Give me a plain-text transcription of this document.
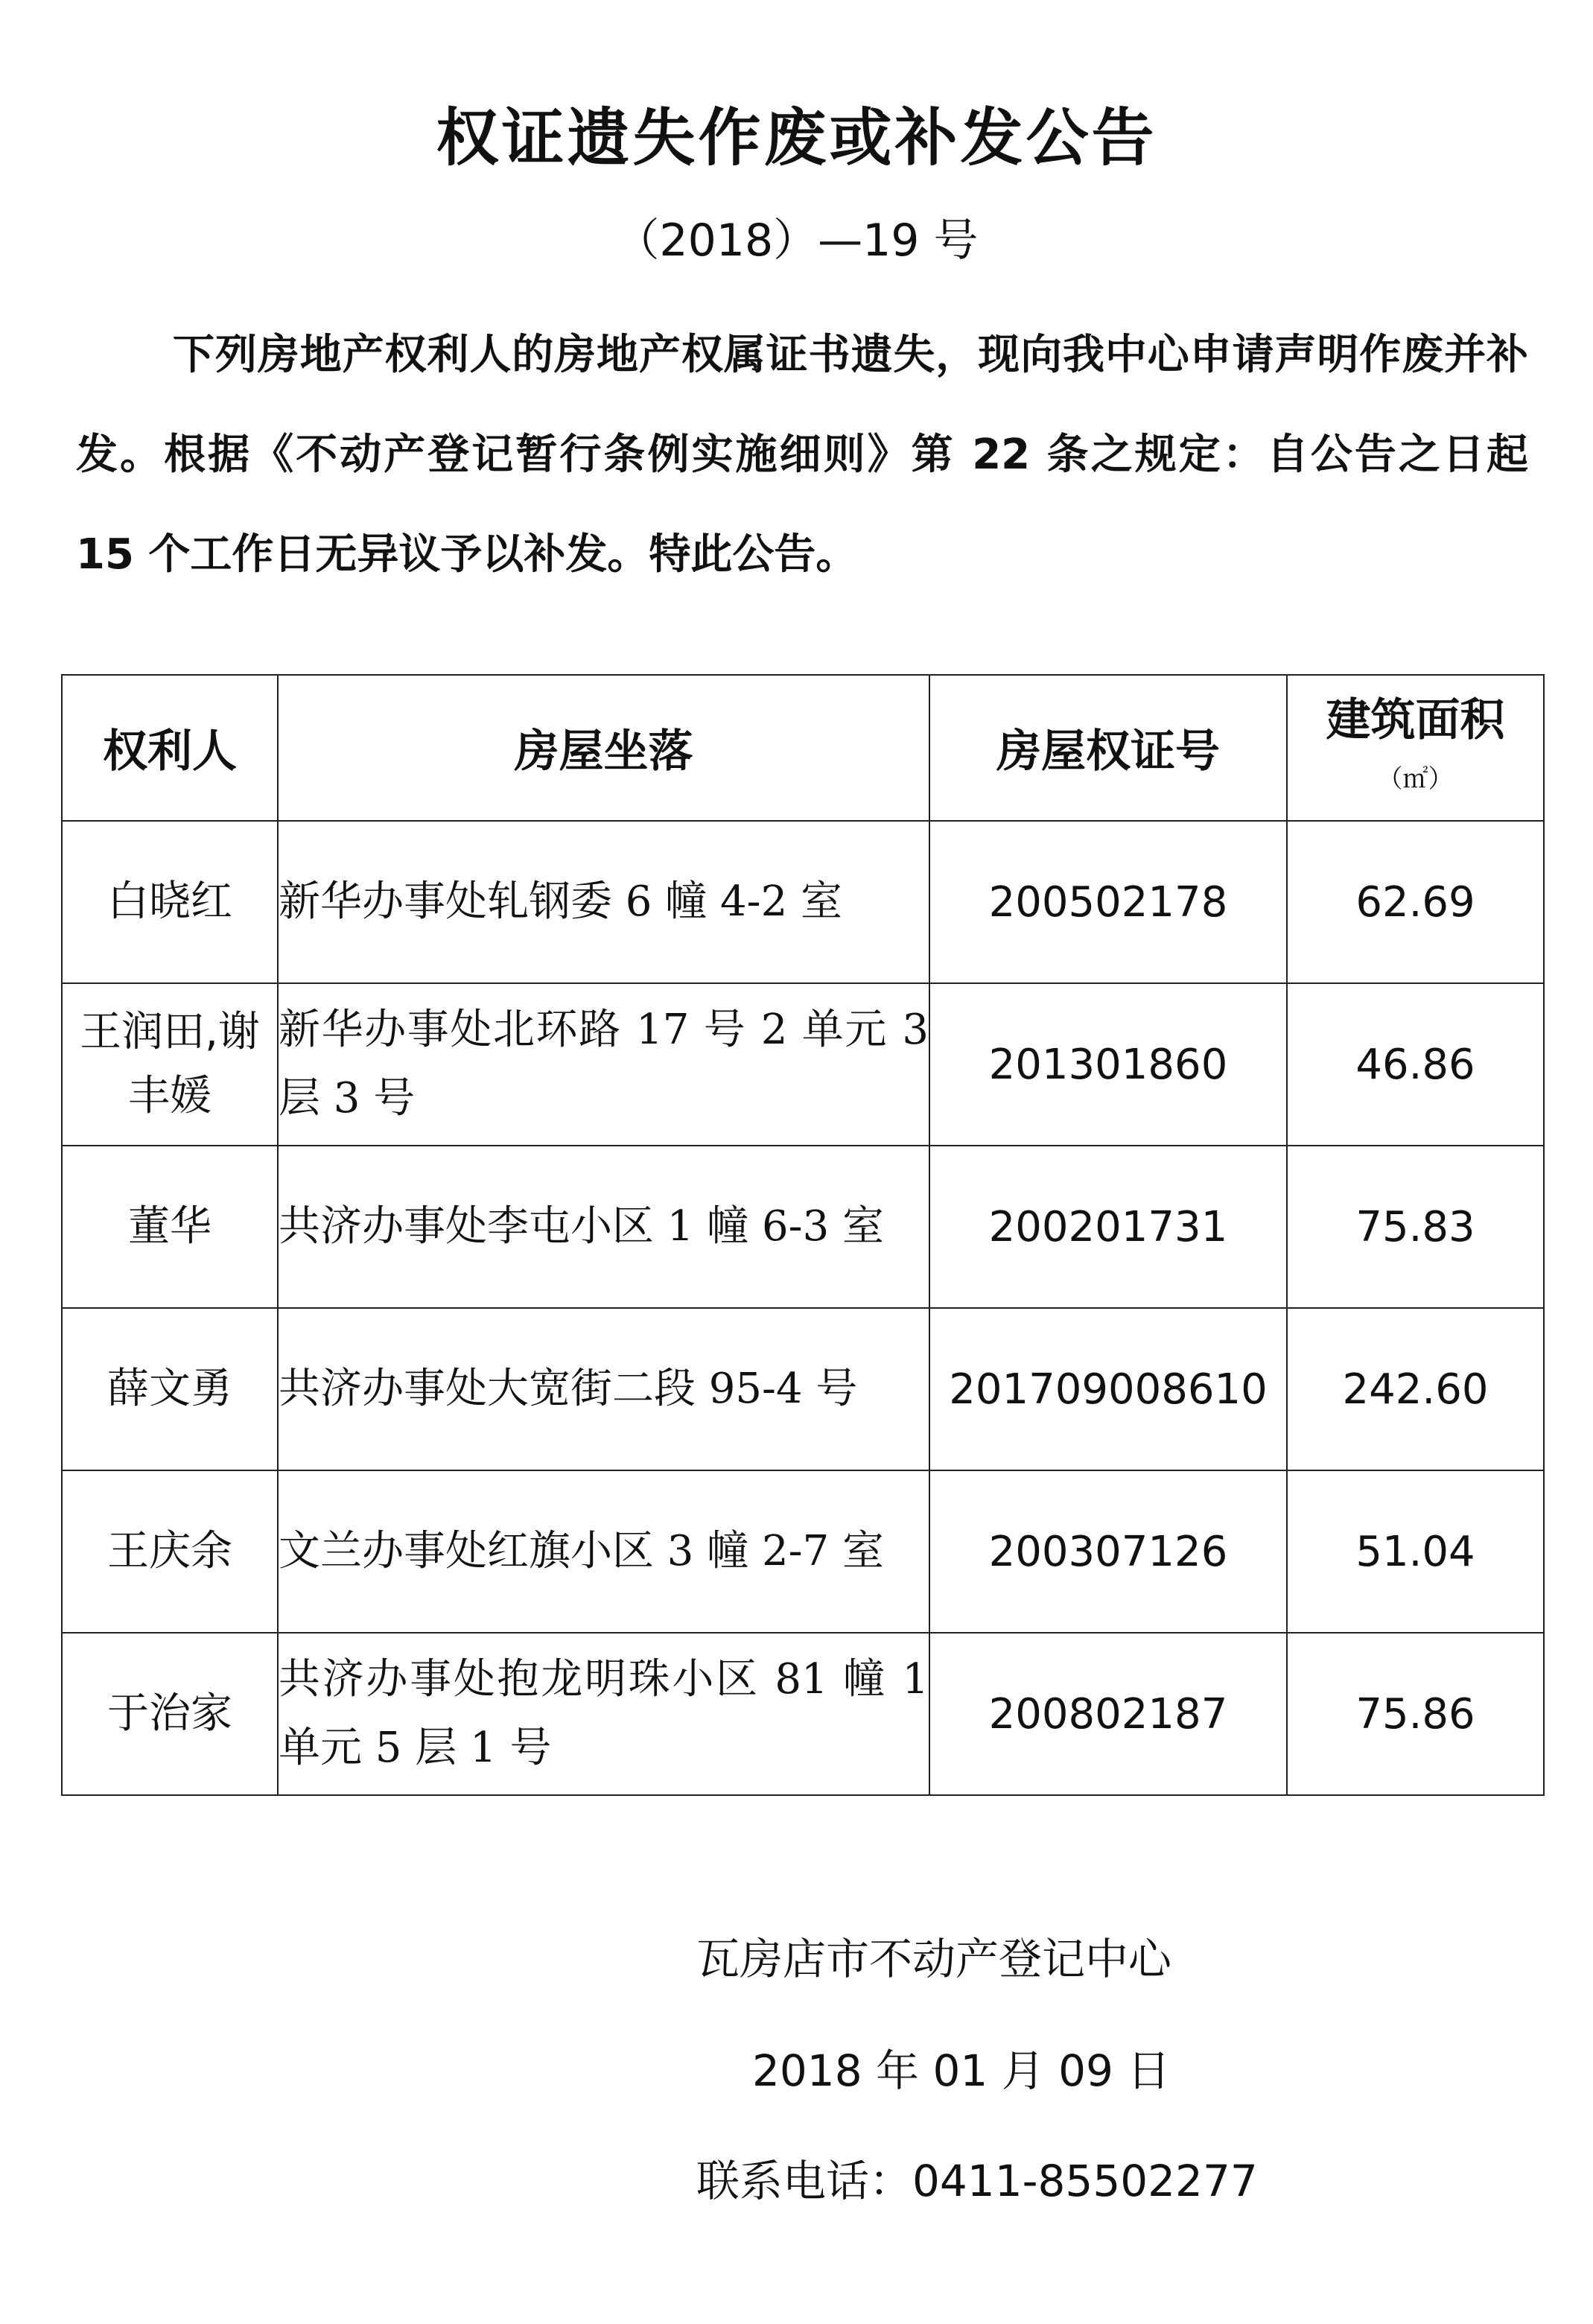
权证遗失作废或补发公告
（2018）—19 号

下列房地产权利人的房地产权属证书遗失，现向我中心申请声明作废并补发。根据《不动产登记暂行条例实施细则》第 22 条之规定：自公告之日起 15 个工作日无异议予以补发。特此公告。

权利人	房屋坐落	房屋权证号	建筑面积
（㎡）

白晓红	新华办事处轧钢委 6 幢 4-2 室	200502178	62.69
王润田,谢丰媛	新华办事处北环路 17 号 2 单元 3 层 3 号	201301860	46.86
董华	共济办事处李屯小区 1 幢 6-3 室	200201731	75.83
薛文勇	共济办事处大宽街二段 95-4 号	201709008610	242.60
王庆余	文兰办事处红旗小区 3 幢 2-7 室	200307126	51.04
于治家	共济办事处抱龙明珠小区 81 幢 1 单元 5 层 1 号	200802187	75.86
瓦房店市不动产登记中心
2018 年 01 月 09 日
联系电话：0411-85502277
